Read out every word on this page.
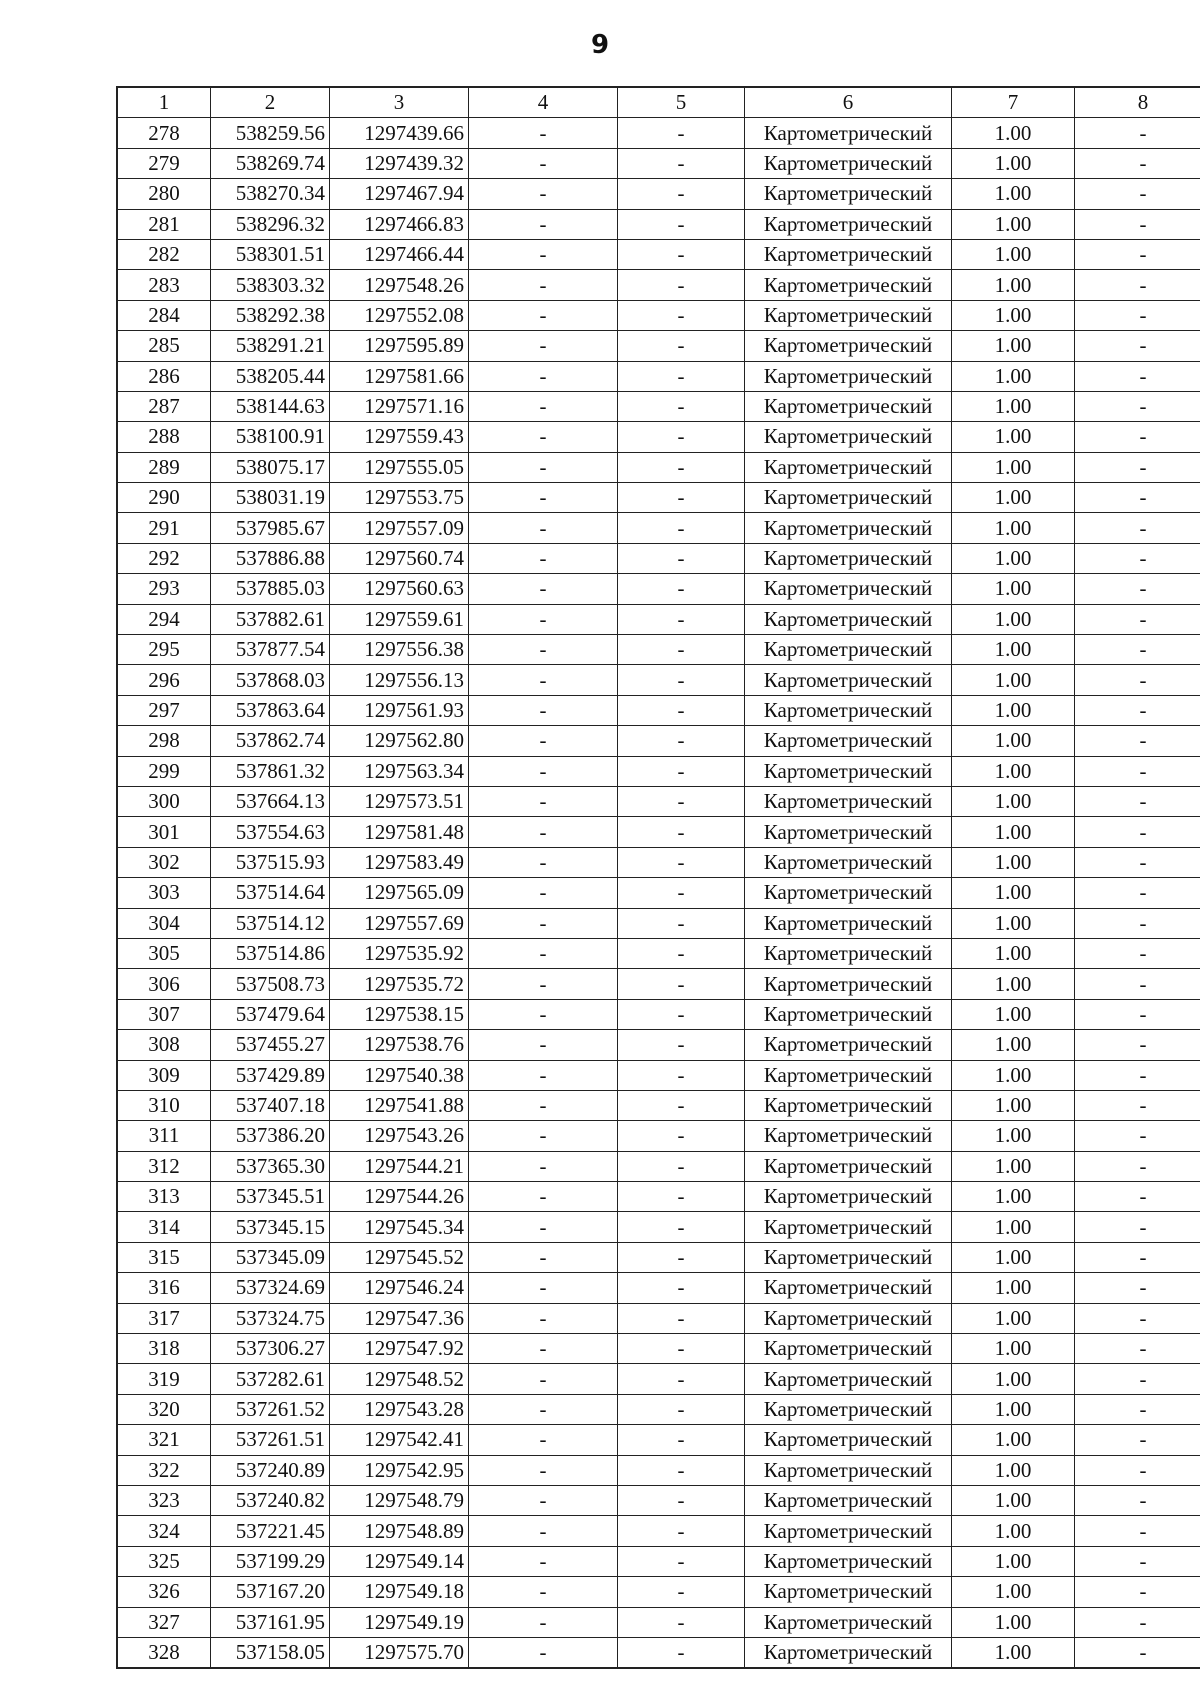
9
1	2	3	4	5	6	7	8
278	538259.56	1297439.66	-	-	Картометрический	1.00	-
279	538269.74	1297439.32	-	-	Картометрический	1.00	-
280	538270.34	1297467.94	-	-	Картометрический	1.00	-
281	538296.32	1297466.83	-	-	Картометрический	1.00	-
282	538301.51	1297466.44	-	-	Картометрический	1.00	-
283	538303.32	1297548.26	-	-	Картометрический	1.00	-
284	538292.38	1297552.08	-	-	Картометрический	1.00	-
285	538291.21	1297595.89	-	-	Картометрический	1.00	-
286	538205.44	1297581.66	-	-	Картометрический	1.00	-
287	538144.63	1297571.16	-	-	Картометрический	1.00	-
288	538100.91	1297559.43	-	-	Картометрический	1.00	-
289	538075.17	1297555.05	-	-	Картометрический	1.00	-
290	538031.19	1297553.75	-	-	Картометрический	1.00	-
291	537985.67	1297557.09	-	-	Картометрический	1.00	-
292	537886.88	1297560.74	-	-	Картометрический	1.00	-
293	537885.03	1297560.63	-	-	Картометрический	1.00	-
294	537882.61	1297559.61	-	-	Картометрический	1.00	-
295	537877.54	1297556.38	-	-	Картометрический	1.00	-
296	537868.03	1297556.13	-	-	Картометрический	1.00	-
297	537863.64	1297561.93	-	-	Картометрический	1.00	-
298	537862.74	1297562.80	-	-	Картометрический	1.00	-
299	537861.32	1297563.34	-	-	Картометрический	1.00	-
300	537664.13	1297573.51	-	-	Картометрический	1.00	-
301	537554.63	1297581.48	-	-	Картометрический	1.00	-
302	537515.93	1297583.49	-	-	Картометрический	1.00	-
303	537514.64	1297565.09	-	-	Картометрический	1.00	-
304	537514.12	1297557.69	-	-	Картометрический	1.00	-
305	537514.86	1297535.92	-	-	Картометрический	1.00	-
306	537508.73	1297535.72	-	-	Картометрический	1.00	-
307	537479.64	1297538.15	-	-	Картометрический	1.00	-
308	537455.27	1297538.76	-	-	Картометрический	1.00	-
309	537429.89	1297540.38	-	-	Картометрический	1.00	-
310	537407.18	1297541.88	-	-	Картометрический	1.00	-
311	537386.20	1297543.26	-	-	Картометрический	1.00	-
312	537365.30	1297544.21	-	-	Картометрический	1.00	-
313	537345.51	1297544.26	-	-	Картометрический	1.00	-
314	537345.15	1297545.34	-	-	Картометрический	1.00	-
315	537345.09	1297545.52	-	-	Картометрический	1.00	-
316	537324.69	1297546.24	-	-	Картометрический	1.00	-
317	537324.75	1297547.36	-	-	Картометрический	1.00	-
318	537306.27	1297547.92	-	-	Картометрический	1.00	-
319	537282.61	1297548.52	-	-	Картометрический	1.00	-
320	537261.52	1297543.28	-	-	Картометрический	1.00	-
321	537261.51	1297542.41	-	-	Картометрический	1.00	-
322	537240.89	1297542.95	-	-	Картометрический	1.00	-
323	537240.82	1297548.79	-	-	Картометрический	1.00	-
324	537221.45	1297548.89	-	-	Картометрический	1.00	-
325	537199.29	1297549.14	-	-	Картометрический	1.00	-
326	537167.20	1297549.18	-	-	Картометрический	1.00	-
327	537161.95	1297549.19	-	-	Картометрический	1.00	-
328	537158.05	1297575.70	-	-	Картометрический	1.00	-
